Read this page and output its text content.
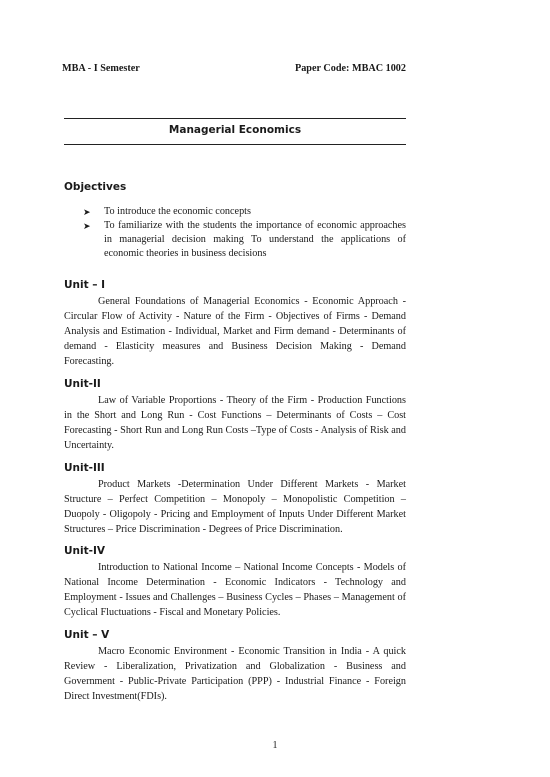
MBA - I Semester	Paper Code: MBAC 1002
Managerial Economics
Objectives
➤ To introduce the economic concepts
➤ To familiarize with the students the importance of economic approaches in managerial decision making To understand the applications of economic theories in business decisions
Unit – I

General Foundations of Managerial Economics - Economic Approach - Circular Flow of Activity - Nature of the Firm - Objectives of Firms - Demand Analysis and Estimation - Individual, Market and Firm demand - Determinants of demand - Elasticity measures and Business Decision Making - Demand Forecasting.

Unit-II

Law of Variable Proportions - Theory of the Firm - Production Functions in the Short and Long Run - Cost Functions – Determinants of Costs – Cost Forecasting - Short Run and Long Run Costs –Type of Costs - Analysis of Risk and Uncertainty.

Unit-III

Product Markets -Determination Under Different Markets - Market Structure – Perfect Competition – Monopoly – Monopolistic Competition – Duopoly - Oligopoly - Pricing and Employment of Inputs Under Different Market Structures – Price Discrimination - Degrees of Price Discrimination.

Unit-IV

Introduction to National Income – National Income Concepts - Models of National Income Determination - Economic Indicators - Technology and Employment - Issues and Challenges – Business Cycles – Phases – Management of Cyclical Fluctuations - Fiscal and Monetary Policies.

Unit – V

Macro Economic Environment - Economic Transition in India - A quick Review - Liberalization, Privatization and Globalization - Business and Government - Public-Private Participation (PPP) - Industrial Finance - Foreign Direct Investment(FDIs).

1
